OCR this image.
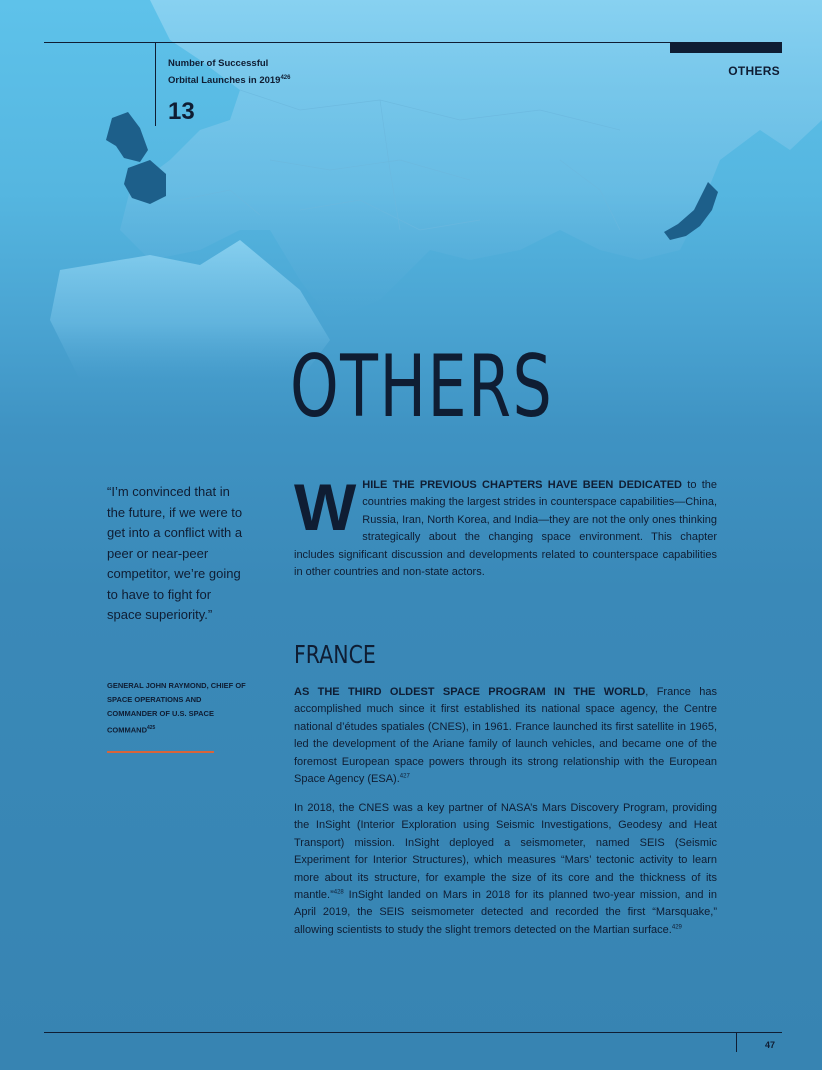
Number of Successful
Orbital Launches in 2019$^{426}$
13
OTHERS
OTHERS
“I’m convinced that in the future, if we were to get into a conflict with a peer or near-peer competitor, we’re going to have to fight for space superiority.”
GENERAL JOHN RAYMOND, CHIEF OF SPACE OPERATIONS AND COMMANDER OF U.S. SPACE COMMAND$^{425}$

WHILE THE PREVIOUS CHAPTERS HAVE BEEN DEDICATED to the countries making the largest strides in counterspace capabilities—China, Russia, Iran, North Korea, and India—they are not the only ones thinking strategically about the changing space environment. This chapter includes significant discussion and developments related to counterspace capabilities in other countries and non-state actors.

FRANCE

AS THE THIRD OLDEST SPACE PROGRAM IN THE WORLD, France has accomplished much since it first established its national space agency, the Centre national d’études spatiales (CNES), in 1961. France launched its first satellite in 1965, led the development of the Ariane family of launch vehicles, and became one of the foremost European space powers through its strong relationship with the European Space Agency (ESA).$^{427}$

In 2018, the CNES was a key partner of NASA’s Mars Discovery Program, providing the InSight (Interior Exploration using Seismic Investigations, Geodesy and Heat Transport) mission. InSight deployed a seismometer, named SEIS (Seismic Experiment for Interior Structures), which measures “Mars’ tectonic activity to learn more about its structure, for example the size of its core and the thickness of its mantle.”$^{428}$ InSight landed on Mars in 2018 for its planned two-year mission, and in April 2019, the SEIS seismometer detected and recorded the first “Marsquake,” allowing scientists to study the slight tremors detected on the Martian surface.$^{429}$

47
